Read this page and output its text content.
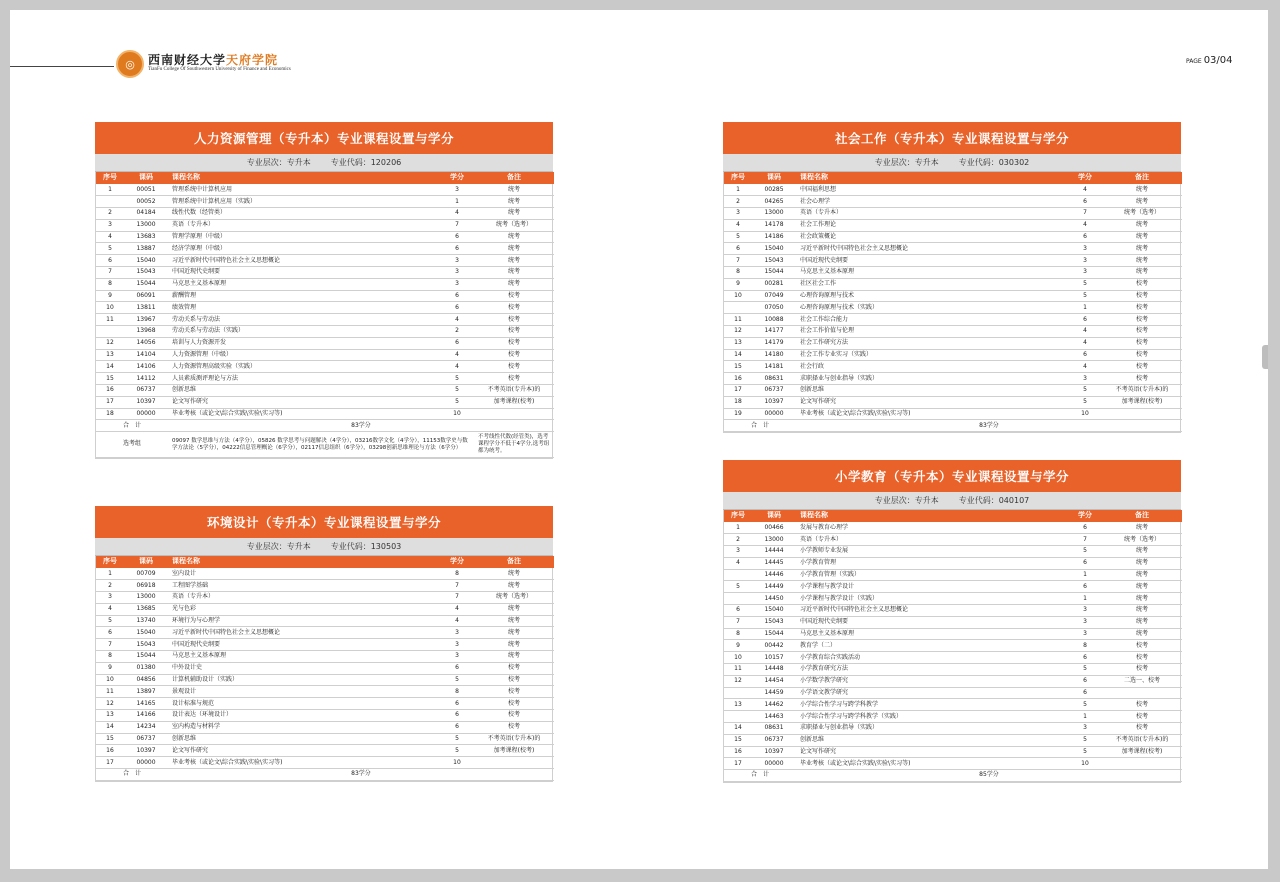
◎	西南财经大学天府学院
TianFu College Of Southwestern University of Finance and Economics
PAGE 03/04
人力资源管理（专升本）专业课程设置与学分
专业层次：专升本	专业代码：120206
序号	课码	课程名称	学分	备注
1	00051	管理系统中计算机应用	3	统考
	00052	管理系统中计算机应用（实践）	1	统考
2	04184	线性代数（经管类）	4	统考
3	13000	英语（专升本）	7	统考（选考）
4	13683	管理学原理（中级）	6	统考
5	13887	经济学原理（中级）	6	统考
6	15040	习近平新时代中国特色社会主义思想概论	3	统考
7	15043	中国近现代史纲要	3	统考
8	15044	马克思主义基本原理	3	统考
9	06091	薪酬管理	6	校考
10	13811	绩效管理	6	校考
11	13967	劳动关系与劳动法	4	校考
	13968	劳动关系与劳动法（实践）	2	校考
12	14056	培训与人力资源开发	6	校考
13	14104	人力资源管理（中级）	4	校考
14	14106	人力资源管理高级实验（实践）	4	校考
15	14112	人员素质测评理论与方法	5	校考
16	06737	创新思维	5	不考英语(专升本)的
17	10397	论文写作研究	5	加考课程(校考)
18	00000	毕业考核（或论文\综合实践\实验\实习等)	10	
合　计		83学分		
选考组		09097 数学思维与方法（4学分），05826 数学思考与问题解决（4学分），03216数学文化（4学分），11153数学史与数学方法论（5学分），04222信息管理概论（6学分），02117信息组织（6学分），03298创新思维理论与方法（6学分）		不考线性代数(经管类)，选考课程学分不低于4学分,选考组都为统考。
环境设计（专升本）专业课程设置与学分
专业层次：专升本	专业代码：130503
序号	课码	课程名称	学分	备注
1	00709	室内设计	8	统考
2	06918	工程图学基础	7	统考
3	13000	英语（专升本）	7	统考（选考）
4	13685	光与色彩	4	统考
5	13740	环境行为与心理学	4	统考
6	15040	习近平新时代中国特色社会主义思想概论	3	统考
7	15043	中国近现代史纲要	3	统考
8	15044	马克思主义基本原理	3	统考
9	01380	中外设计史	6	校考
10	04856	计算机辅助设计（实践）	5	校考
11	13897	景观设计	8	校考
12	14165	设计标准与规范	6	校考
13	14166	设计表达（环境设计）	6	校考
14	14234	室内构造与材料学	6	校考
15	06737	创新思维	5	不考英语(专升本)的
16	10397	论文写作研究	5	加考课程(校考)
17	00000	毕业考核（或论文\综合实践\实验\实习等)	10	
合　计		83学分		
社会工作（专升本）专业课程设置与学分
专业层次：专升本	专业代码：030302
序号	课码	课程名称	学分	备注
1	00285	中国福利思想	4	统考
2	04265	社会心理学	6	统考
3	13000	英语（专升本）	7	统考（选考）
4	14178	社会工作理论	4	统考
5	14186	社会政策概论	6	统考
6	15040	习近平新时代中国特色社会主义思想概论	3	统考
7	15043	中国近现代史纲要	3	统考
8	15044	马克思主义基本原理	3	统考
9	00281	社区社会工作	5	校考
10	07049	心理咨询原理与技术	5	校考
	07050	心理咨询原理与技术（实践）	1	校考
11	10088	社会工作综合能力	6	校考
12	14177	社会工作价值与伦理	4	校考
13	14179	社会工作研究方法	4	校考
14	14180	社会工作专业实习（实践）	6	校考
15	14181	社会行政	4	校考
16	08631	求职择业与创业指导（实践）	3	校考
17	06737	创新思维	5	不考英语(专升本)的
18	10397	论文写作研究	5	加考课程(校考)
19	00000	毕业考核（或论文\综合实践\实验\实习等)	10	
合　计		83学分		
小学教育（专升本）专业课程设置与学分
专业层次：专升本	专业代码：040107
序号	课码	课程名称	学分	备注
1	00466	发展与教育心理学	6	统考
2	13000	英语（专升本）	7	统考（选考）
3	14444	小学教师专业发展	5	统考
4	14445	小学教育管理	6	统考
	14446	小学教育管理（实践）	1	统考
5	14449	小学课程与教学设计	6	统考
	14450	小学课程与教学设计（实践）	1	统考
6	15040	习近平新时代中国特色社会主义思想概论	3	统考
7	15043	中国近现代史纲要	3	统考
8	15044	马克思主义基本原理	3	统考
9	00442	教育学（二）	8	校考
10	10157	小学教育综合实践活动	6	校考
11	14448	小学教育研究方法	5	校考
12	14454	小学数学教学研究	6	二选一、校考
	14459	小学语文教学研究	6	
13	14462	小学综合性学习与跨学科教学	5	校考
	14463	小学综合性学习与跨学科教学（实践）	1	校考
14	08631	求职择业与创业指导（实践）	3	校考
15	06737	创新思维	5	不考英语(专升本)的
16	10397	论文写作研究	5	加考课程(校考)
17	00000	毕业考核（或论文\综合实践\实验\实习等)	10	
合　计		85学分		
